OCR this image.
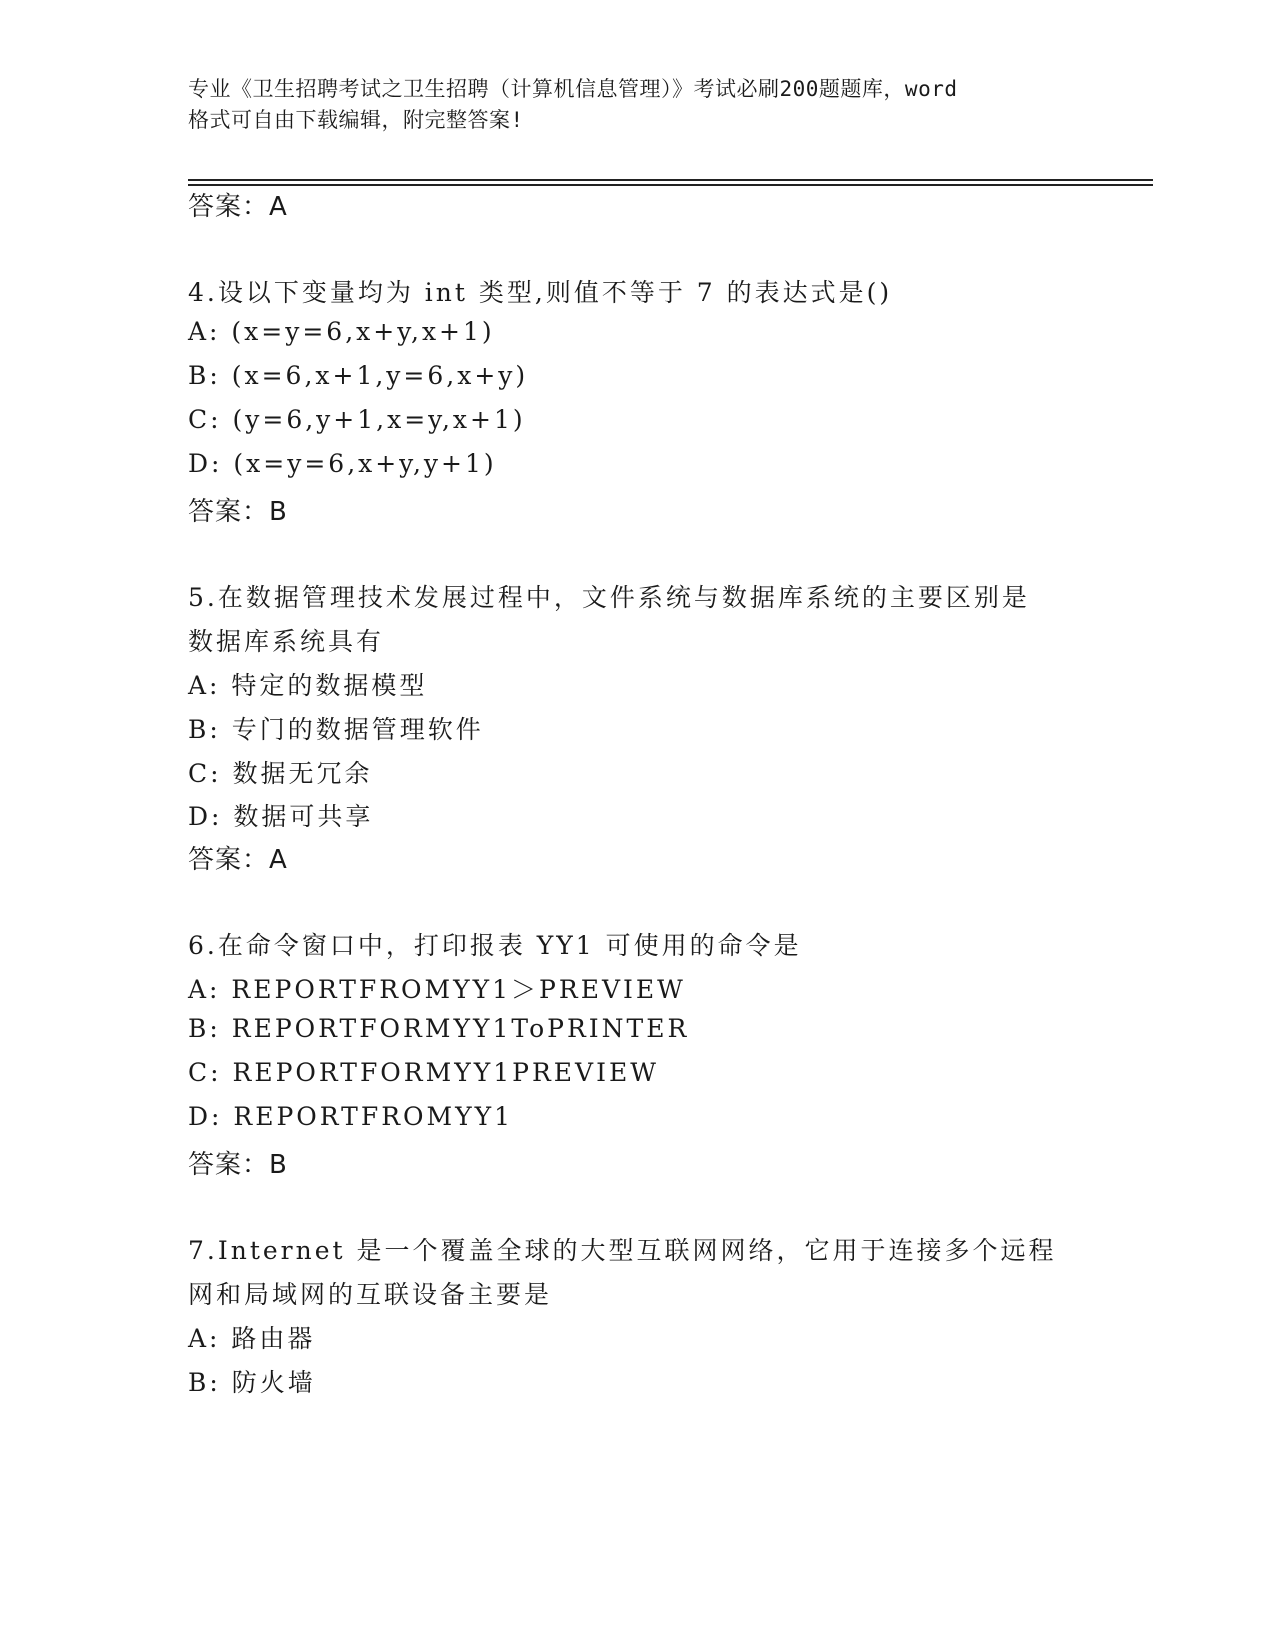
专业《卫生招聘考试之卫生招聘（计算机信息管理）》考试必刷200题题库，word
格式可自由下载编辑，附完整答案!
答案：A
4.设以下变量均为 int 类型,则值不等于 7 的表达式是()
A: (x=y=6,x+y,x+1)
B: (x=6,x+1,y=6,x+y)
C: (y=6,y+1,x=y,x+1)
D: (x=y=6,x+y,y+1)
答案：B
5.在数据管理技术发展过程中，文件系统与数据库系统的主要区别是
数据库系统具有
A: 特定的数据模型
B: 专门的数据管理软件
C: 数据无冗余
D: 数据可共享
答案：A
6.在命令窗口中，打印报表 YY1 可使用的命令是
A: REPORTFROMYY1＞PREVIEW
B: REPORTFORMYY1ToPRINTER
C: REPORTFORMYY1PREVIEW
D: REPORTFROMYY1
答案：B
7.Internet 是一个覆盖全球的大型互联网网络，它用于连接多个远程
网和局域网的互联设备主要是
A: 路由器
B: 防火墙
